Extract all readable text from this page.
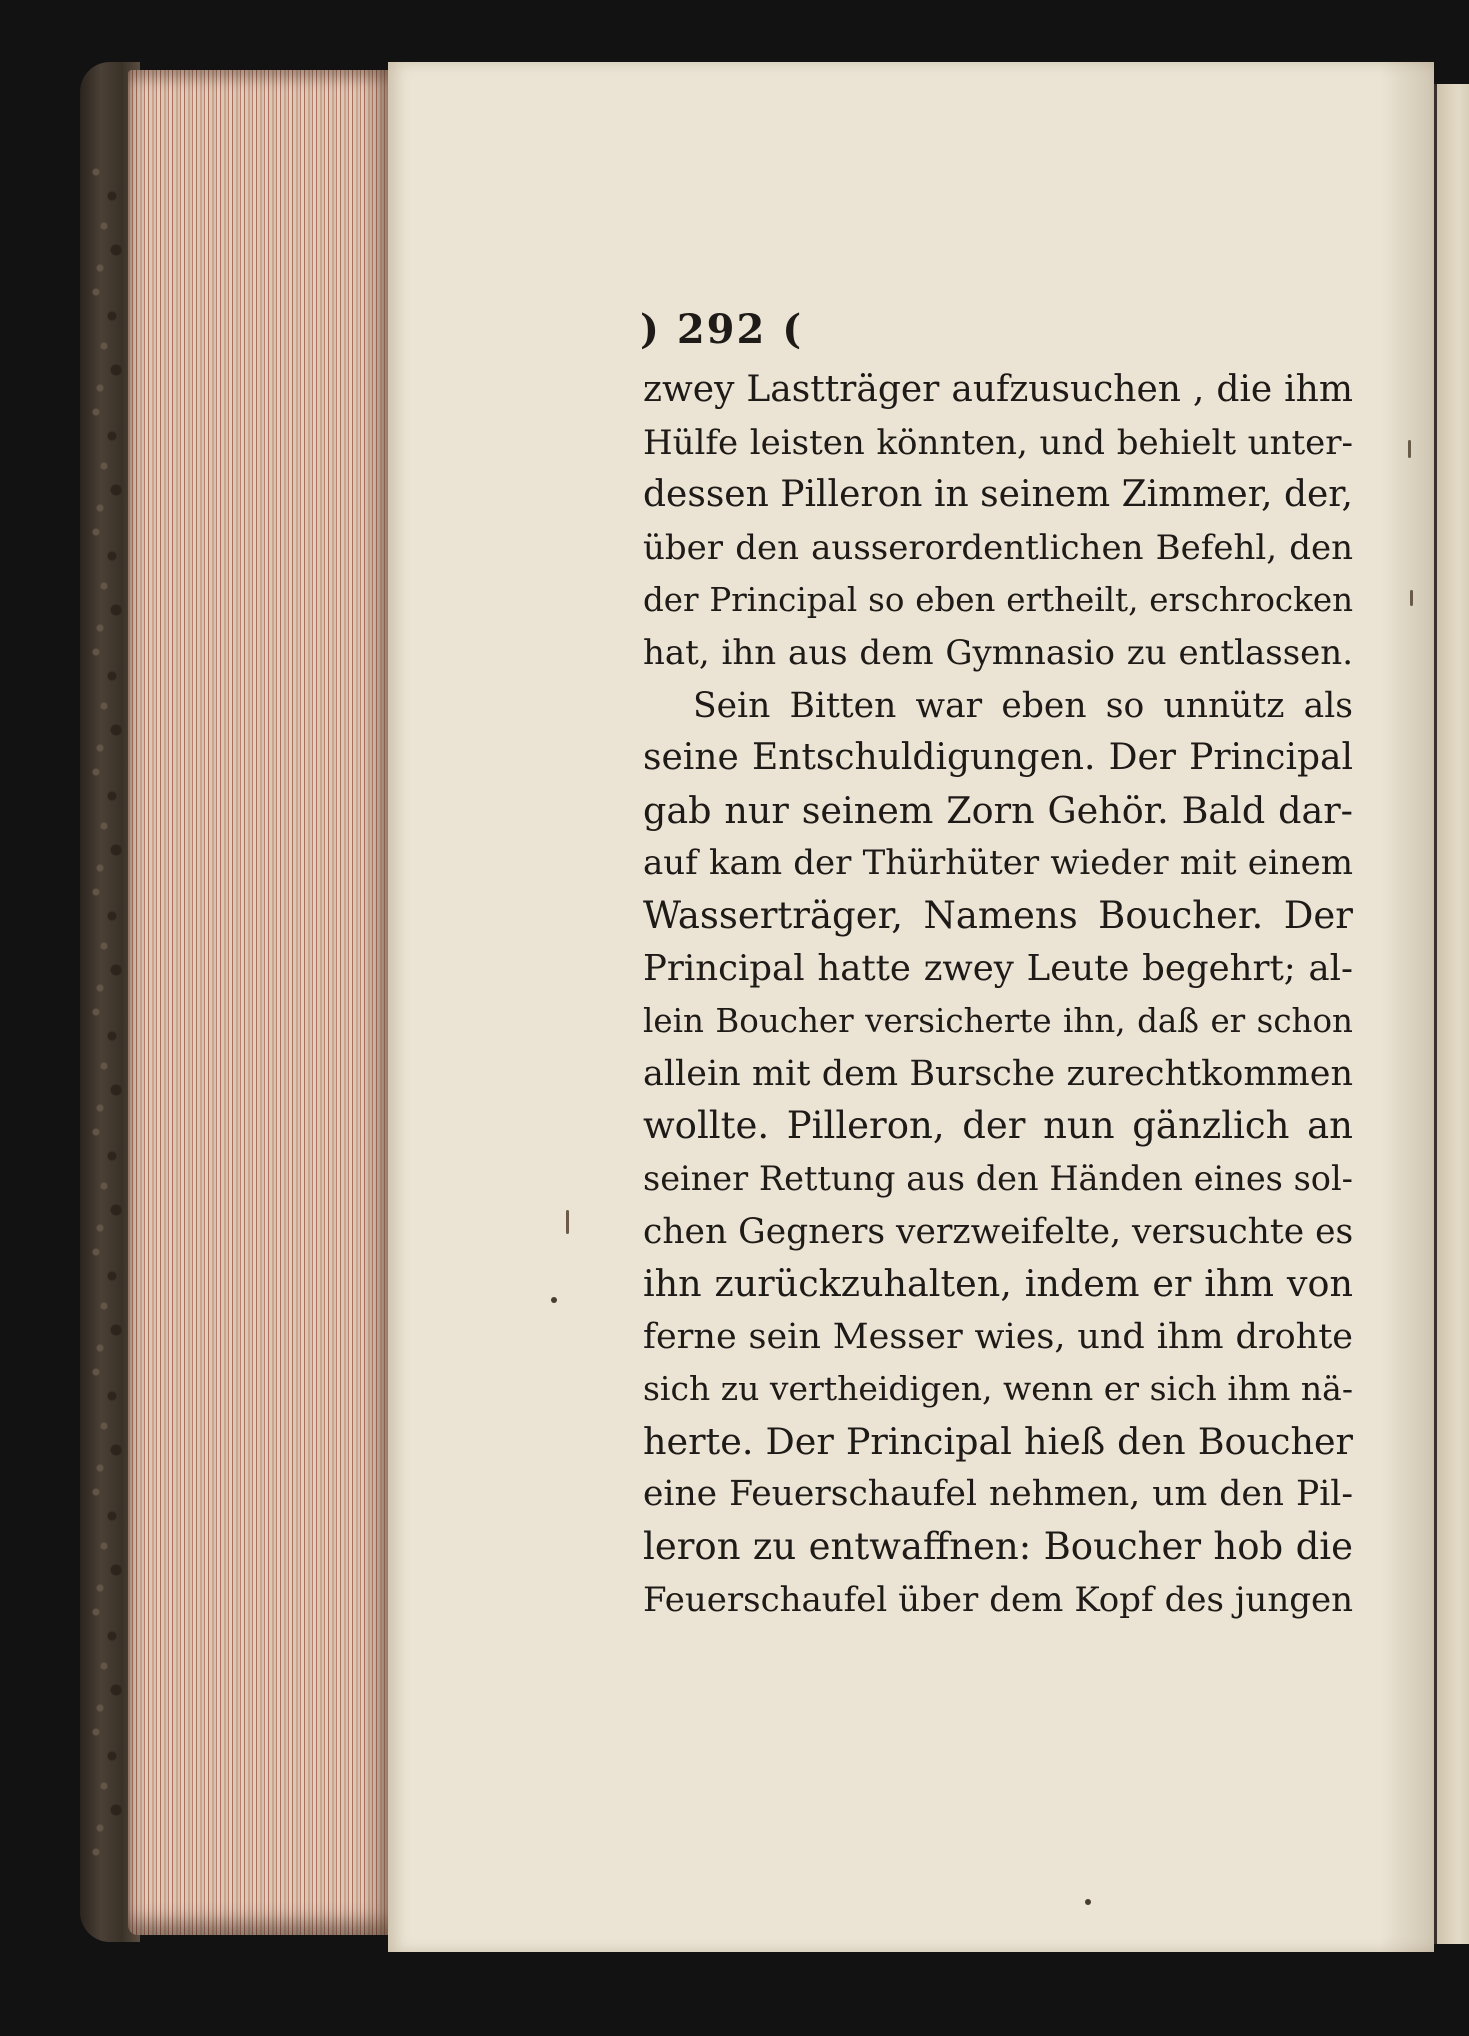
) 292 (
zwey Lastträger aufzusuchen , die ihm
Hülfe leisten könnten, und behielt unter-
dessen Pilleron in seinem Zimmer, der,
über den ausserordentlichen Befehl, den
der Principal so eben ertheilt, erschrocken
hat, ihn aus dem Gymnasio zu entlassen.
Sein Bitten war eben so unnütz als
seine Entschuldigungen. Der Principal
gab nur seinem Zorn Gehör. Bald dar-
auf kam der Thürhüter wieder mit einem
Wasserträger, Namens Boucher. Der
Principal hatte zwey Leute begehrt; al-
lein Boucher versicherte ihn, daß er schon
allein mit dem Bursche zurechtkommen
wollte. Pilleron, der nun gänzlich an
seiner Rettung aus den Händen eines sol-
chen Gegners verzweifelte, versuchte es
ihn zurückzuhalten, indem er ihm von
ferne sein Messer wies, und ihm drohte
sich zu vertheidigen, wenn er sich ihm nä-
herte. Der Principal hieß den Boucher
eine Feuerschaufel nehmen, um den Pil-
leron zu entwaffnen: Boucher hob die
Feuerschaufel über dem Kopf des jungen
